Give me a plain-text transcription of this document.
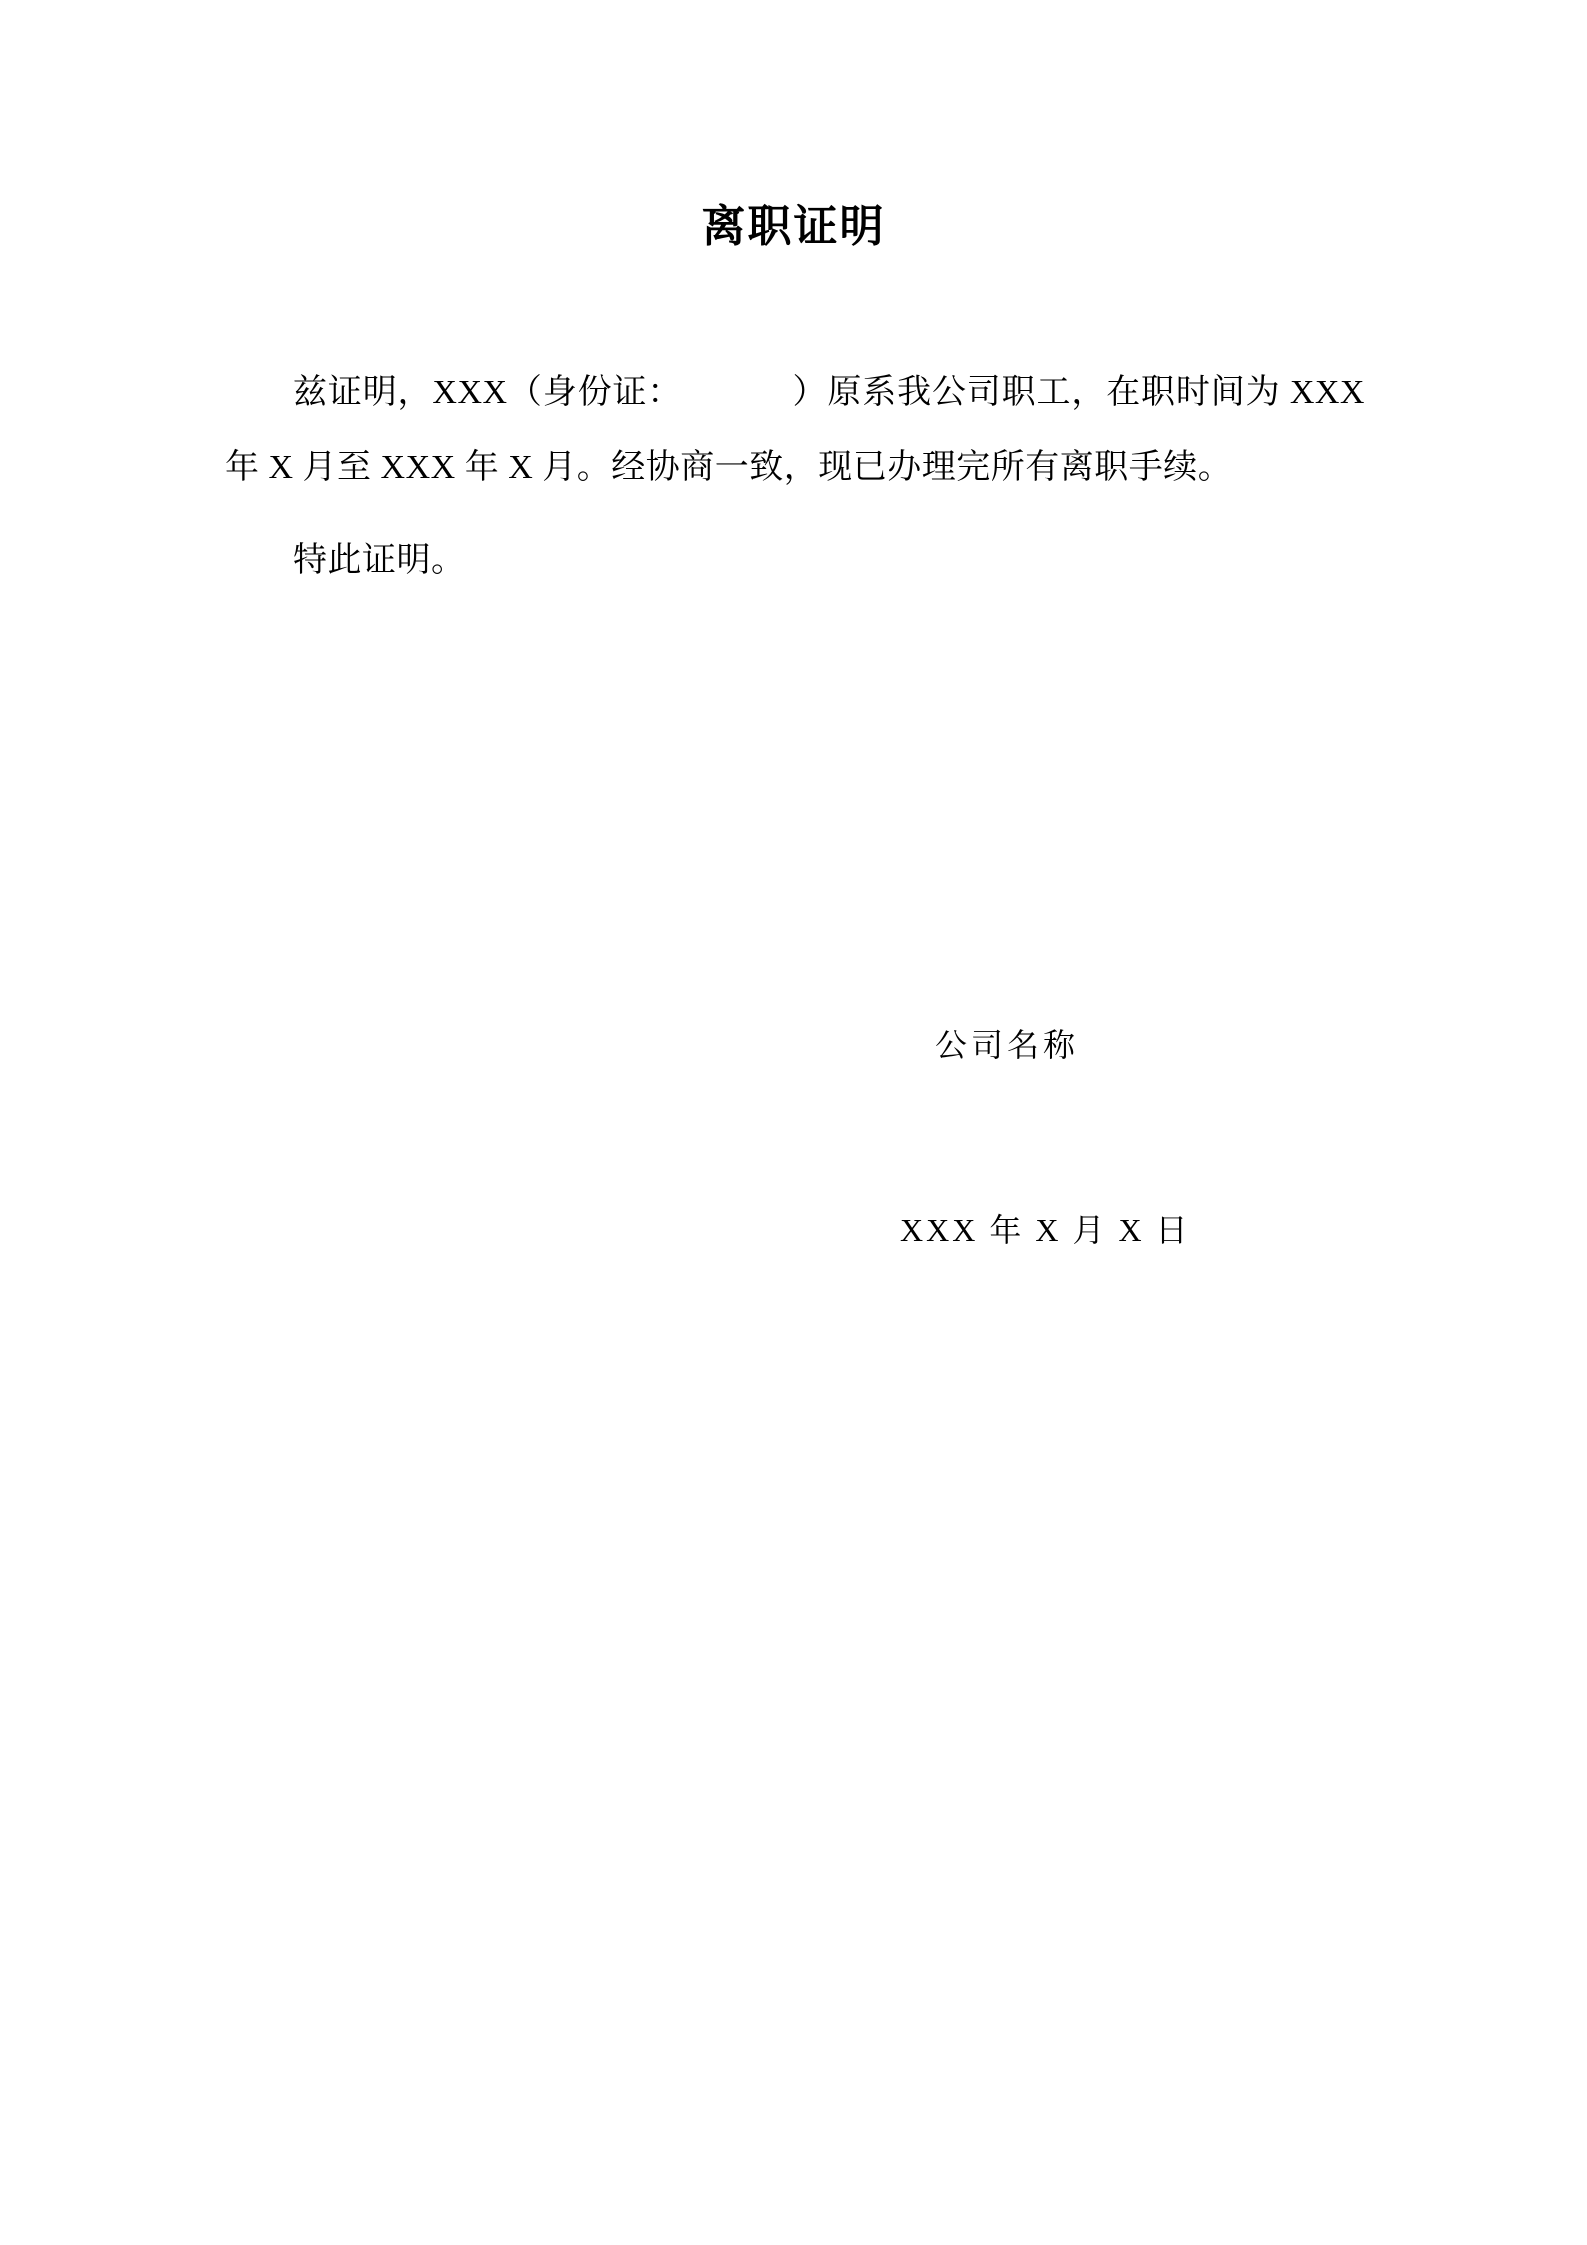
离职证明

兹证明，XXX（身份证：	）原系我公司职工，在职时间为 XXX 年 X 月至 XXX 年 X 月。经协商一致，现已办理完所有离职手续。

特此证明。

公司名称
XXX 年 X 月 X 日
